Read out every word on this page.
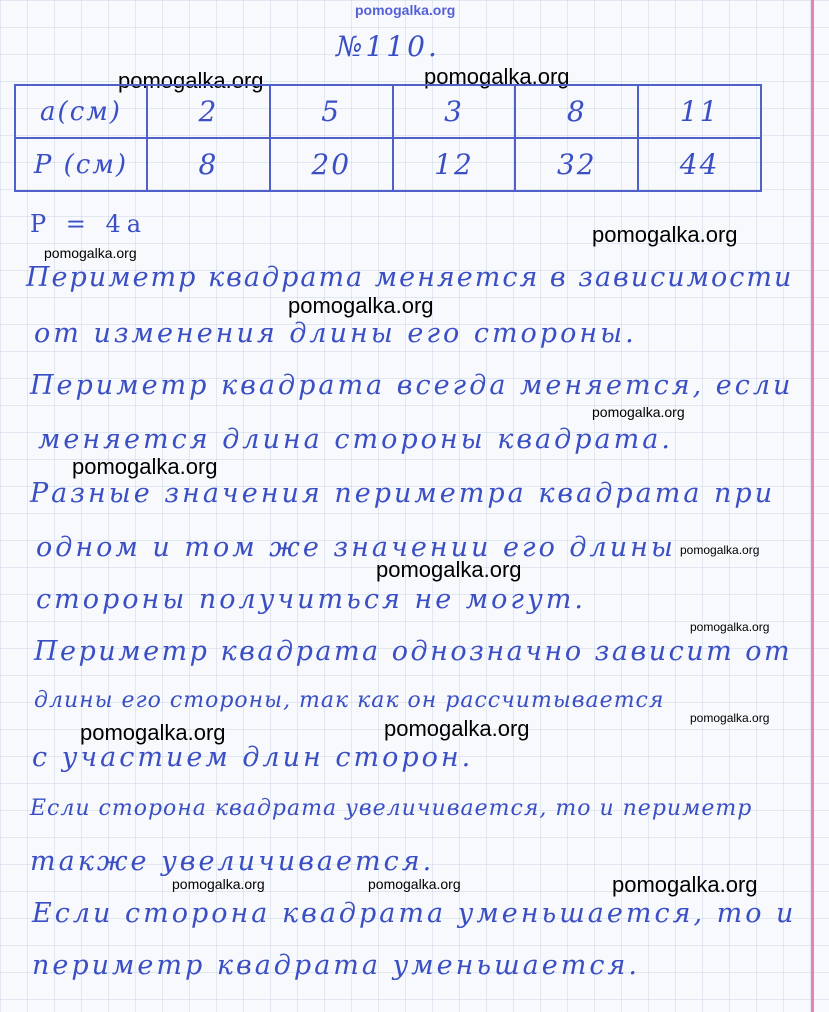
pomogalka.org
№110.
pomogalka.org	pomogalka.org
a(см)	2	5	3	8	11
P (см)	8	20	12	32	44
P = 4a	pomogalka.org
pomogalka.org
Периметр квадрата меняется в зависимости
pomogalka.org
от изменения длины его стороны.
Периметр квадрата всегда меняется, если
pomogalka.org
меняется длина стороны квадрата.
pomogalka.org
Разные значения периметра квадрата при
одном и том же значении его длины pomogalka.org
pomogalka.org
стороны получиться не могут.
pomogalka.org
Периметр квадрата однозначно зависит от
длины его стороны, так как он рассчитывается
pomogalka.org
pomogalka.org	pomogalka.org
с участием длин сторон.
Если сторона квадрата увеличивается, то и периметр
также увеличивается.
pomogalka.org	pomogalka.org	pomogalka.org
Если сторона квадрата уменьшается, то и
периметр квадрата уменьшается.
